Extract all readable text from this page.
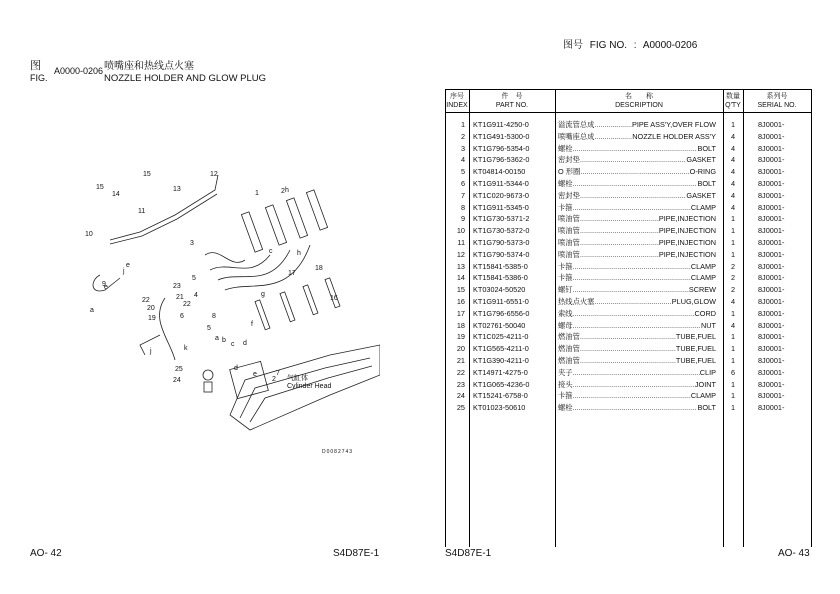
图号 FIG NO. : A0000-0206
图
FIG.
A0000-0206 喷嘴座和热线点火塞
NOZZLE HOLDER AND GLOW PLUG
15
14
15
13
11
10
12
1
9
e
j
3
5
4
22
23
21
22
20
19	6	8
5
16
18
17
h
h
2
e
2
25
24
a
e
j	k
a b
c
f
g
c
7
d
d
气缸体
Cylinder Head
D0082743
序号
INDEX
件　号
PART NO.
名　　称
DESCRIPTION
数量
Q'TY
系列号
SERIAL NO.
1 KT1G911-4250-0	溢流管总成 .....	PIPE ASS'Y,OVER FLOW	1	8J0001-
2 KT1G491-5300-0	喷嘴座总成 .....	NOZZLE HOLDER ASS'Y	4	8J0001-
3 KT1G796-5354-0	螺栓 .....	BOLT	4	8J0001-
4 KT1G796-5362-0	密封垫 .....	GASKET	4	8J0001-
5 KT04814-00150	O 形圈 .....	O-RING	4	8J0001-
6 KT1G911-5344-0	螺栓 .....	BOLT	4	8J0001-
7 KT1C020-9673-0	密封垫 .....	GASKET	4	8J0001-
8 KT1G911-5345-0	卡箍 .....	CLAMP	4	8J0001-
9 KT1G730-5371-2	喷油管 .....	PIPE,INJECTION	1	8J0001-
10 KT1G730-5372-0	喷油管 .....	PIPE,INJECTION	1	8J0001-
11 KT1G790-5373-0	喷油管 .....	PIPE,INJECTION	1	8J0001-
12 KT1G790-5374-0	喷油管 .....	PIPE,INJECTION	1	8J0001-
13 KT15841-5385-0	卡箍 .....	CLAMP	2	8J0001-
14 KT15841-5386-0	卡箍 .....	CLAMP	2	8J0001-
15 KT03024-50520	螺钉 .....	SCREW	2	8J0001-
16 KT1G911-6551-0	热线点火塞 .....	PLUG,GLOW	4	8J0001-
17 KT1G796-6556-0	索线 .....	CORD	1	8J0001-
18 KT02761-50040	螺母 .....	NUT	4	8J0001-
19 KT1C025-4211-0	燃油管 .....	TUBE,FUEL	1	8J0001-
20 KT1G565-4211-0	燃油管 .....	TUBE,FUEL	1	8J0001-
21 KT1G390-4211-0	燃油管 .....	TUBE,FUEL	1	8J0001-
22 KT14971-4275-0	夹子 .....	CLIP	6	8J0001-
23 KT1G065-4236-0	接头 .....	JOINT	1	8J0001-
24 KT15241-6758-0	卡箍 .....	CLAMP	1	8J0001-
25 KT01023-50610	螺栓 .....	BOLT	1	8J0001-
AO- 42	S4D87E-1	S4D87E-1	AO- 43
